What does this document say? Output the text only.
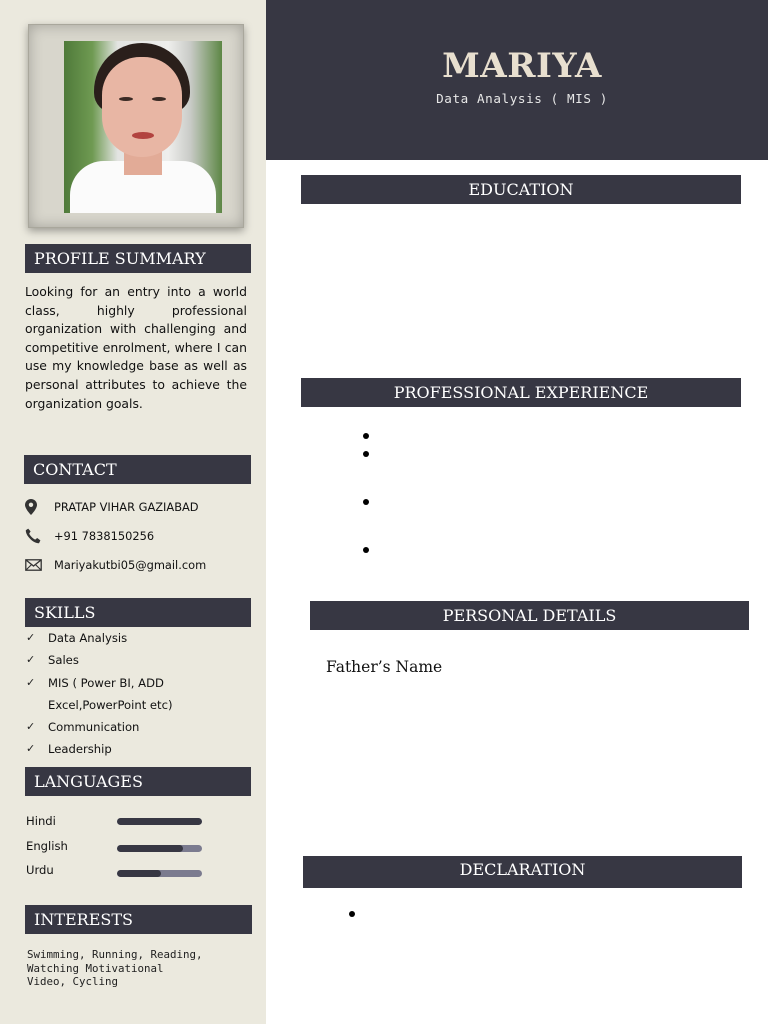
PROFILE SUMMARY

Looking for an entry into a world class, highly professional organization with challenging and competitive enrolment, where I can use my knowledge base as well as personal attributes to achieve the organization goals.

CONTACT
PRATAP VIHAR GAZIABAD
+91 7838150256
Mariyakutbi05@gmail.com
SKILLS
✓	Data Analysis
✓	Sales
✓	MIS ( Power BI, ADD
Excel,PowerPoint etc)
✓	Communication
✓	Leadership
LANGUAGES
Hindi
English
Urdu
INTERESTS
Swimming, Running, Reading,
Watching Motivational
Video, Cycling
MARIYA
Data Analysis ( MIS )
EDUCATION
PROFESSIONAL EXPERIENCE
PERSONAL DETAILS
Father’s Name
DECLARATION
